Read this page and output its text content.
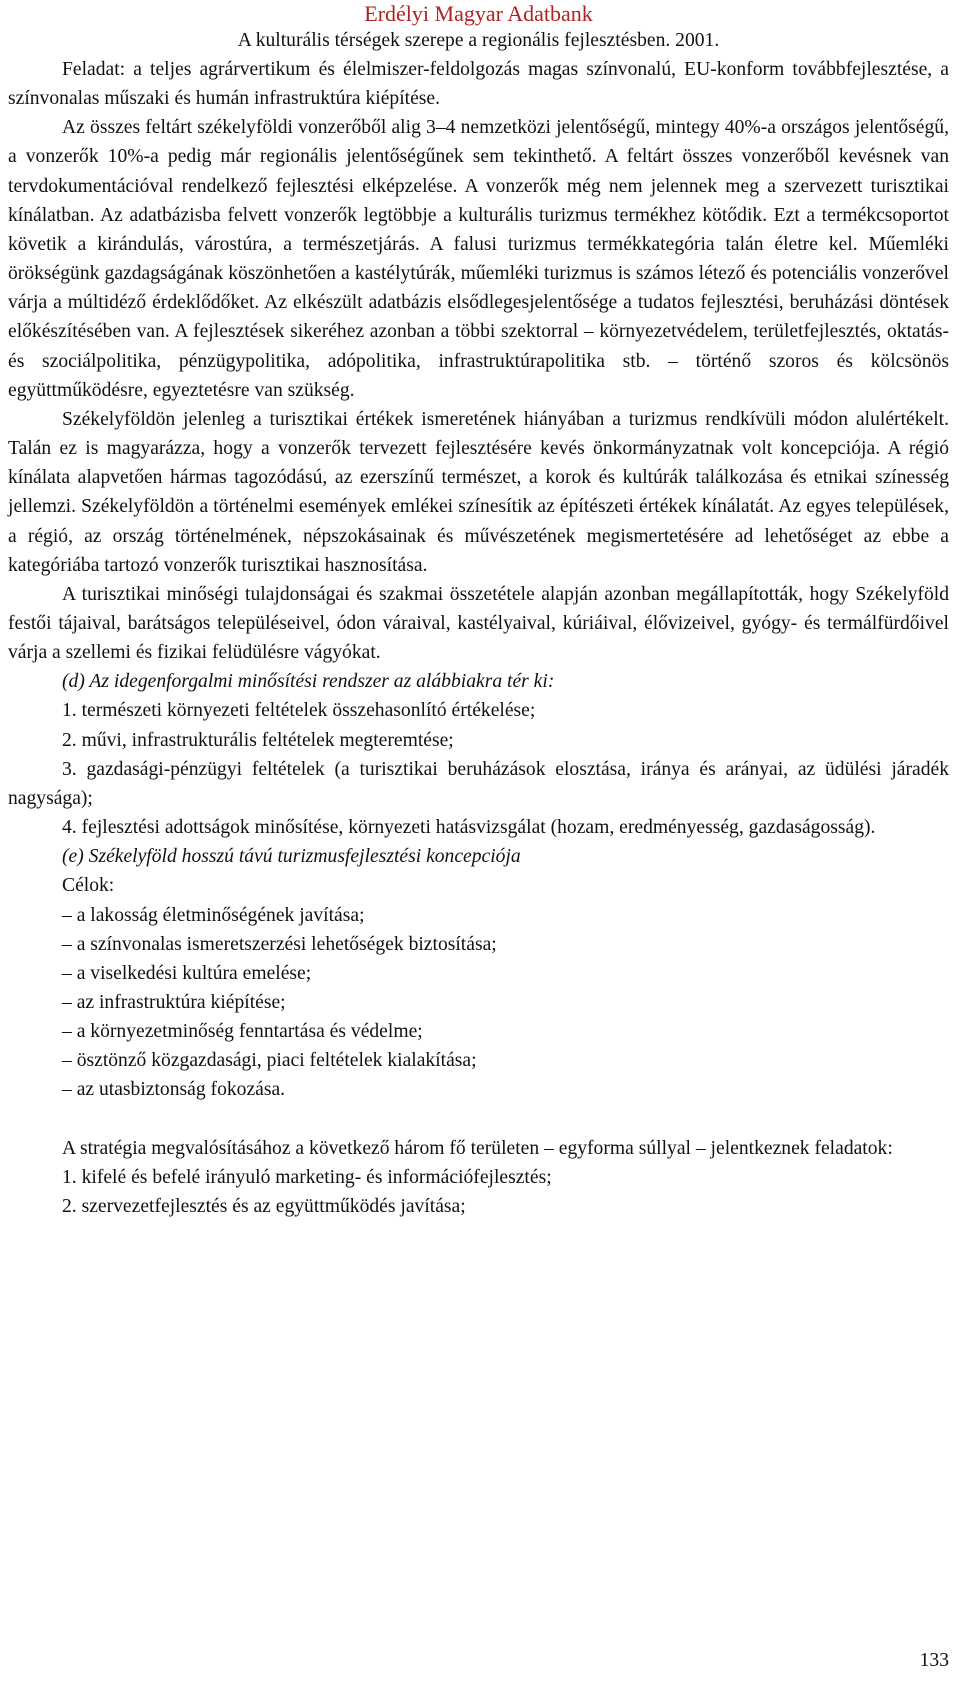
Erdélyi Magyar Adatbank
A kulturális térségek szerepe a regionális fejlesztésben. 2001.

Feladat: a teljes agrárvertikum és élelmiszer-feldolgozás magas színvonalú, EU-konform továbbfejlesztése, a színvonalas műszaki és humán infrastruktúra kiépítése.

Az összes feltárt székelyföldi vonzerőből alig 3–4 nemzetközi jelentőségű, mintegy 40%-a országos jelentőségű, a vonzerők 10%-a pedig már regionális jelentőségűnek sem tekinthető. A feltárt összes vonzerőből kevésnek van tervdokumentációval rendelkező fejlesztési elképzelése. A vonzerők még nem jelennek meg a szervezett turisztikai kínálatban. Az adatbázisba felvett vonzerők legtöbbje a kulturális turizmus termékhez kötődik. Ezt a termékcsoportot követik a kirándulás, várostúra, a természetjárás. A falusi turizmus termékkategória talán életre kel. Műemléki örökségünk gazdagságának köszönhetően a kastélytúrák, műemléki turizmus is számos létező és potenciális vonzerővel várja a múltidéző érdeklődőket. Az elkészült adatbázis elsődlegesjelentősége a tudatos fejlesztési, beruházási döntések előkészítésében van. A fejlesztések sikeréhez azonban a többi szektorral – környezetvédelem, területfejlesztés, oktatás- és szociálpolitika, pénzügypolitika, adópolitika, infrastruktúrapolitika stb. – történő szoros és kölcsönös együttműködésre, egyeztetésre van szükség.

Székelyföldön jelenleg a turisztikai értékek ismeretének hiányában a turizmus rendkívüli módon alulértékelt. Talán ez is magyarázza, hogy a vonzerők tervezett fejlesztésére kevés önkormányzatnak volt koncepciója. A régió kínálata alapvetően hármas tagozódású, az ezerszínű természet, a korok és kultúrák találkozása és etnikai színesség jellemzi. Székelyföldön a történelmi események emlékei színesítik az építészeti értékek kínálatát. Az egyes települések, a régió, az ország történelmének, népszokásainak és művészetének megismertetésére ad lehetőséget az ebbe a kategóriába tartozó vonzerők turisztikai hasznosítása.

A turisztikai minőségi tulajdonságai és szakmai összetétele alapján azonban megállapították, hogy Székelyföld festői tájaival, barátságos településeivel, ódon váraival, kastélyaival, kúriáival, élővizeivel, gyógy- és termálfürdőivel várja a szellemi és fizikai felüdülésre vágyókat.

(d) Az idegenforgalmi minősítési rendszer az alábbiakra tér ki:

1. természeti környezeti feltételek összehasonlító értékelése;

2. művi, infrastrukturális feltételek megteremtése;

3. gazdasági-pénzügyi feltételek (a turisztikai beruházások elosztása, iránya és arányai, az üdülési járadék nagysága);

4. fejlesztési adottságok minősítése, környezeti hatásvizsgálat (hozam, eredményesség, gazdaságosság).

(e) Székelyföld hosszú távú turizmusfejlesztési koncepciója

Célok:

– a lakosság életminőségének javítása;

– a színvonalas ismeretszerzési lehetőségek biztosítása;

– a viselkedési kultúra emelése;

– az infrastruktúra kiépítése;

– a környezetminőség fenntartása és védelme;

– ösztönző közgazdasági, piaci feltételek kialakítása;

– az utasbiztonság fokozása.

A stratégia megvalósításához a következő három fő területen – egyforma súllyal – jelentkeznek feladatok:

1. kifelé és befelé irányuló marketing- és információfejlesztés;

2. szervezetfejlesztés és az együttműködés javítása;

133
